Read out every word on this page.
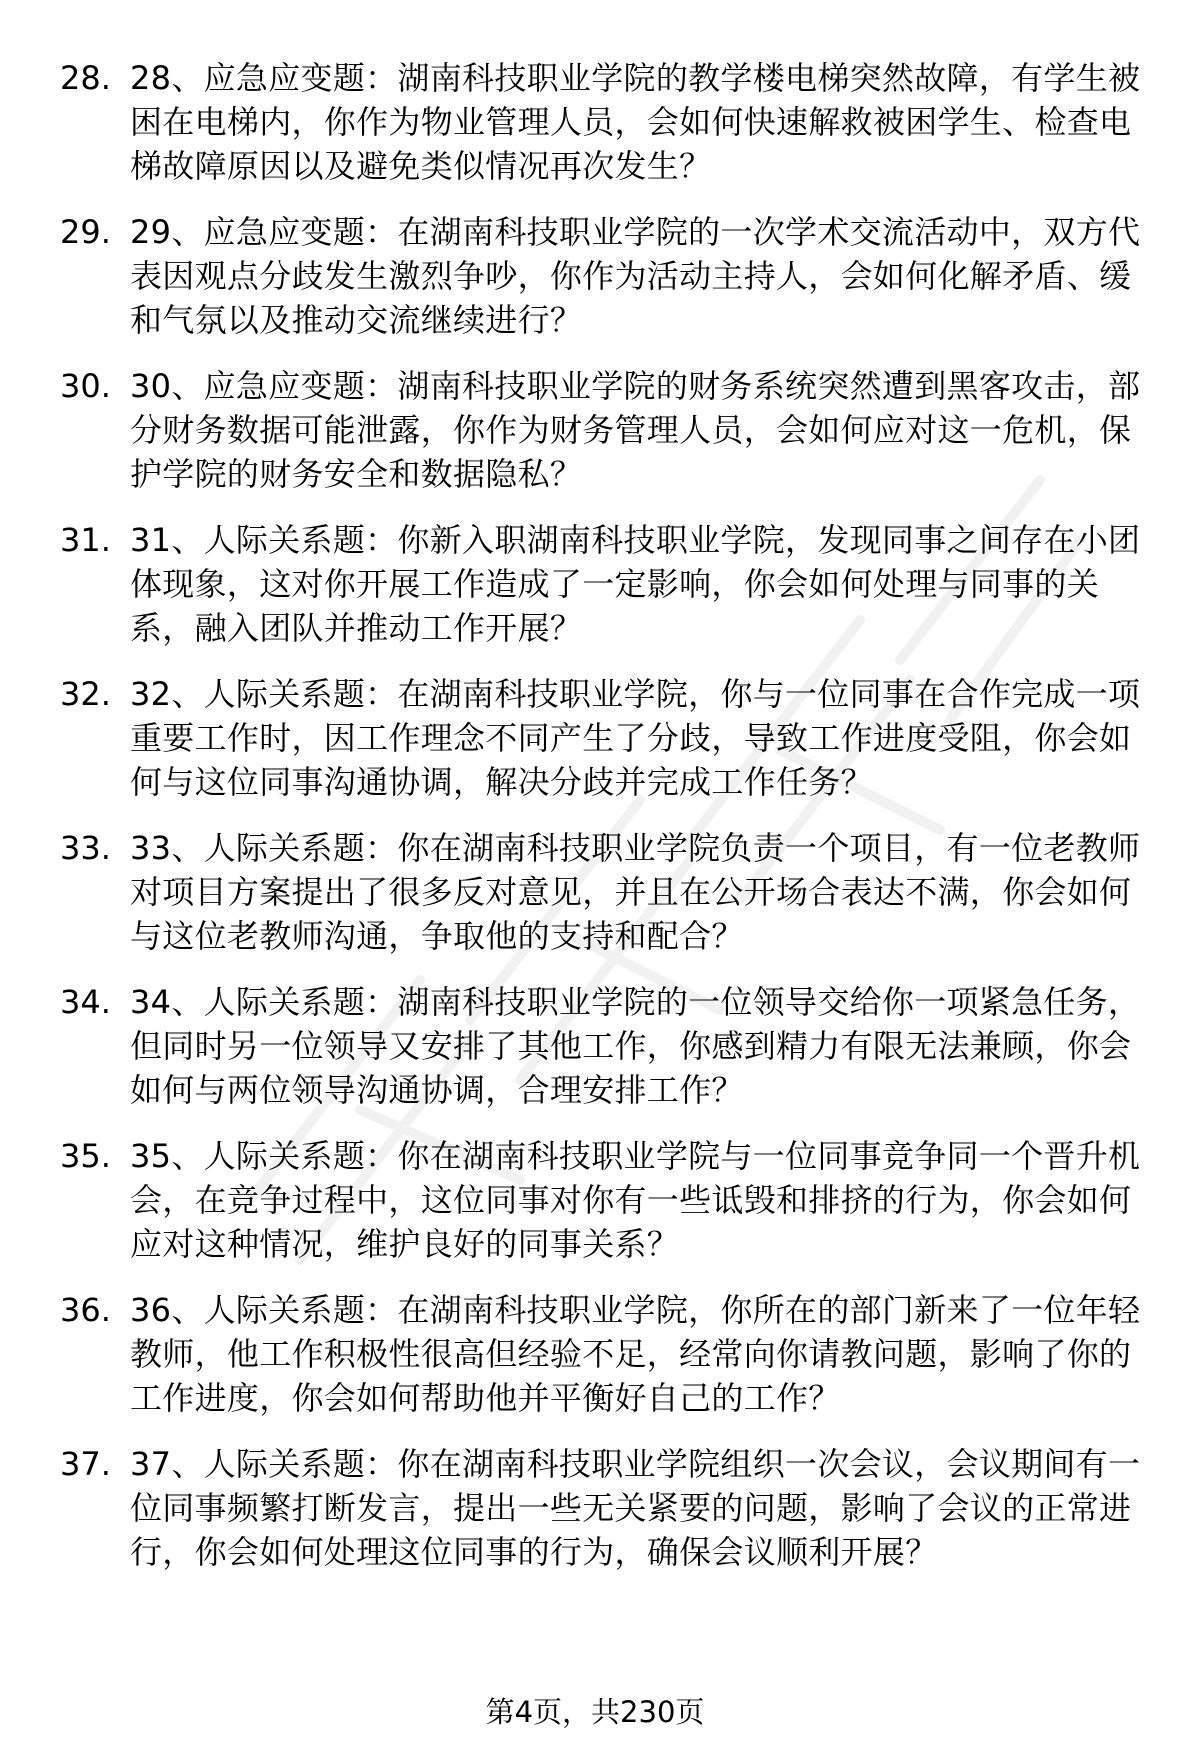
28. 28、应急应变题：湖南科技职业学院的教学楼电梯突然故障，有学生被困在电梯内，你作为物业管理人员，会如何快速解救被困学生、检查电梯故障原因以及避免类似情况再次发生？
29. 29、应急应变题：在湖南科技职业学院的一次学术交流活动中，双方代表因观点分歧发生激烈争吵，你作为活动主持人，会如何化解矛盾、缓和气氛以及推动交流继续进行？
30. 30、应急应变题：湖南科技职业学院的财务系统突然遭到黑客攻击，部分财务数据可能泄露，你作为财务管理人员，会如何应对这一危机，保护学院的财务安全和数据隐私？
31. 31、人际关系题：你新入职湖南科技职业学院，发现同事之间存在小团体现象，这对你开展工作造成了一定影响，你会如何处理与同事的关系，融入团队并推动工作开展？
32. 32、人际关系题：在湖南科技职业学院，你与一位同事在合作完成一项重要工作时，因工作理念不同产生了分歧，导致工作进度受阻，你会如何与这位同事沟通协调，解决分歧并完成工作任务？
33. 33、人际关系题：你在湖南科技职业学院负责一个项目，有一位老教师对项目方案提出了很多反对意见，并且在公开场合表达不满，你会如何与这位老教师沟通，争取他的支持和配合？
34. 34、人际关系题：湖南科技职业学院的一位领导交给你一项紧急任务，但同时另一位领导又安排了其他工作，你感到精力有限无法兼顾，你会如何与两位领导沟通协调，合理安排工作？
35. 35、人际关系题：你在湖南科技职业学院与一位同事竞争同一个晋升机会，在竞争过程中，这位同事对你有一些诋毁和排挤的行为，你会如何应对这种情况，维护良好的同事关系？
36. 36、人际关系题：在湖南科技职业学院，你所在的部门新来了一位年轻教师，他工作积极性很高但经验不足，经常向你请教问题，影响了你的工作进度，你会如何帮助他并平衡好自己的工作？
37. 37、人际关系题：你在湖南科技职业学院组织一次会议，会议期间有一位同事频繁打断发言，提出一些无关紧要的问题，影响了会议的正常进行，你会如何处理这位同事的行为，确保会议顺利开展？
第4页，共230页
